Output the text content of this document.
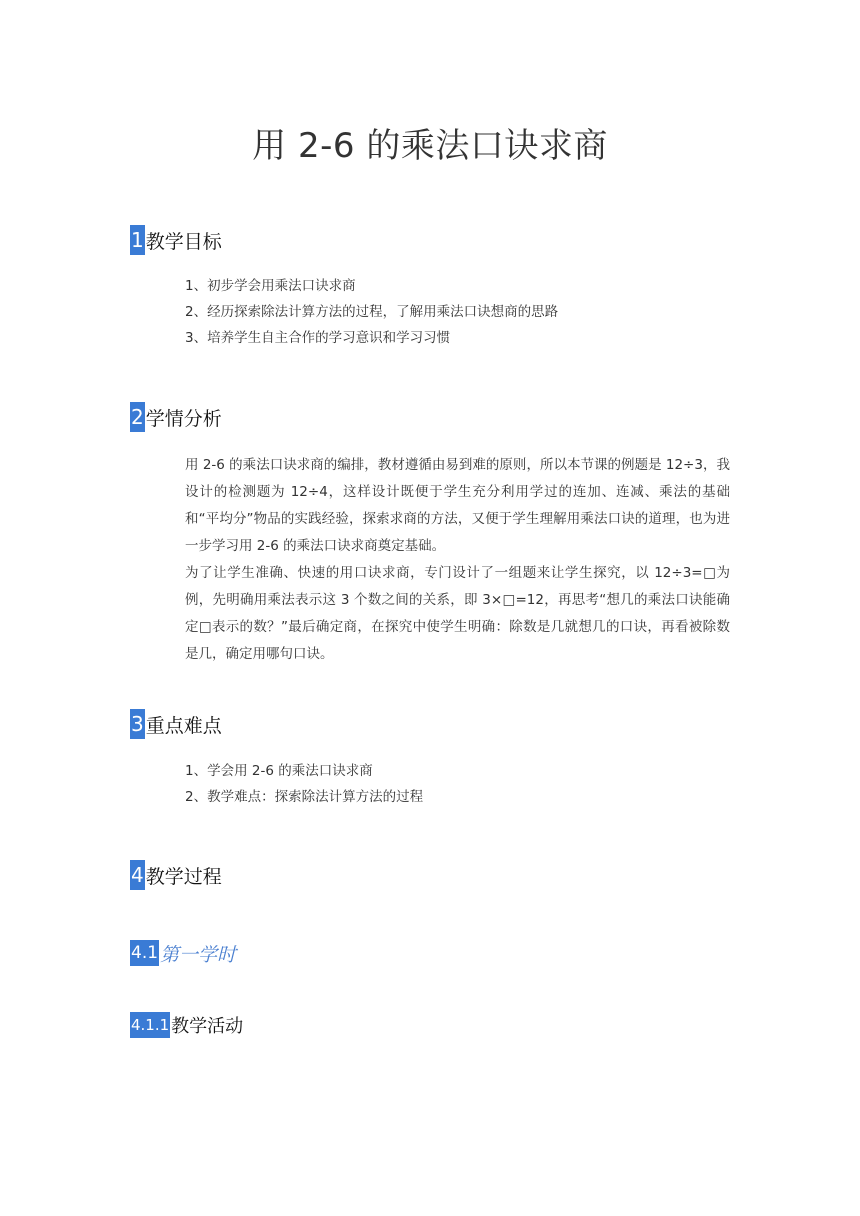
用 2-6 的乘法口诀求商
1 教学目标
1、初步学会用乘法口诀求商
2、经历探索除法计算方法的过程，了解用乘法口诀想商的思路
3、培养学生自主合作的学习意识和学习习惯
2 学情分析

用 2-6 的乘法口诀求商的编排，教材遵循由易到难的原则，所以本节课的例题是 12÷3，我设计的检测题为 12÷4，这样设计既便于学生充分利用学过的连加、连减、乘法的基础和“平均分”物品的实践经验，探索求商的方法，又便于学生理解用乘法口诀的道理，也为进一步学习用 2-6 的乘法口诀求商奠定基础。

为了让学生准确、快速的用口诀求商，专门设计了一组题来让学生探究，以 12÷3=□为例，先明确用乘法表示这 3 个数之间的关系，即 3×□=12，再思考“想几的乘法口诀能确定□表示的数？”最后确定商，在探究中使学生明确：除数是几就想几的口诀，再看被除数是几，确定用哪句口诀。

3 重点难点
1、学会用 2-6 的乘法口诀求商
2、教学难点：探索除法计算方法的过程
4 教学过程
4.1 第一学时
4.1.1 教学活动
